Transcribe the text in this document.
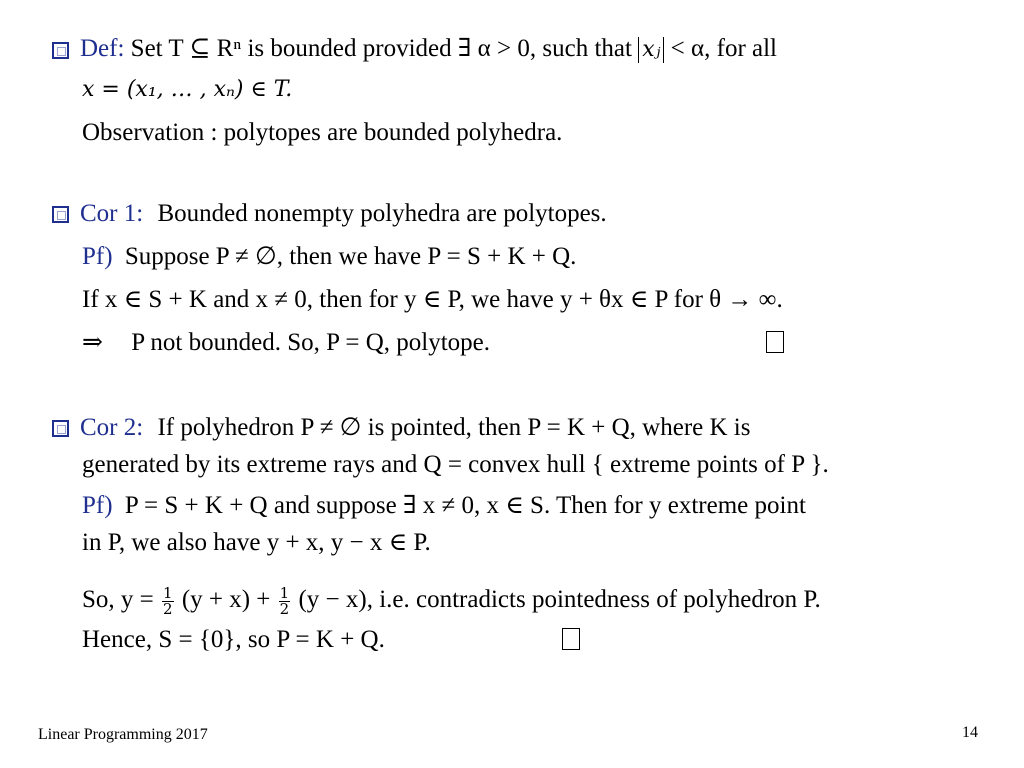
Def: Set T ⊆ Rⁿ is bounded provided ∃ α > 0, such that xⱼ < α, for all
x = (x₁, … , xₙ) ∈ T.
Observation : polytopes are bounded polyhedra.
Cor 1: Bounded nonempty polyhedra are polytopes.
Pf) Suppose P ≠ ∅, then we have P = S + K + Q.
If x ∈ S + K and x ≠ 0, then for y ∈ P, we have y + θx ∈ P for θ → ∞.
⇒ P not bounded. So, P = Q, polytope.
Cor 2: If polyhedron P ≠ ∅ is pointed, then P = K + Q, where K is
generated by its extreme rays and Q = convex hull { extreme points of P }.
Pf) P = S + K + Q and suppose ∃ x ≠ 0, x ∈ S. Then for y extreme point
in P, we also have y + x, y − x ∈ P.
So, $y = \frac{1}{2} (y + x) + \frac{1}{2} (y - x)$, i.e. contradicts pointedness of polyhedron P.
Hence, S = {0}, so P = K + Q.
Linear Programming 2017	14
